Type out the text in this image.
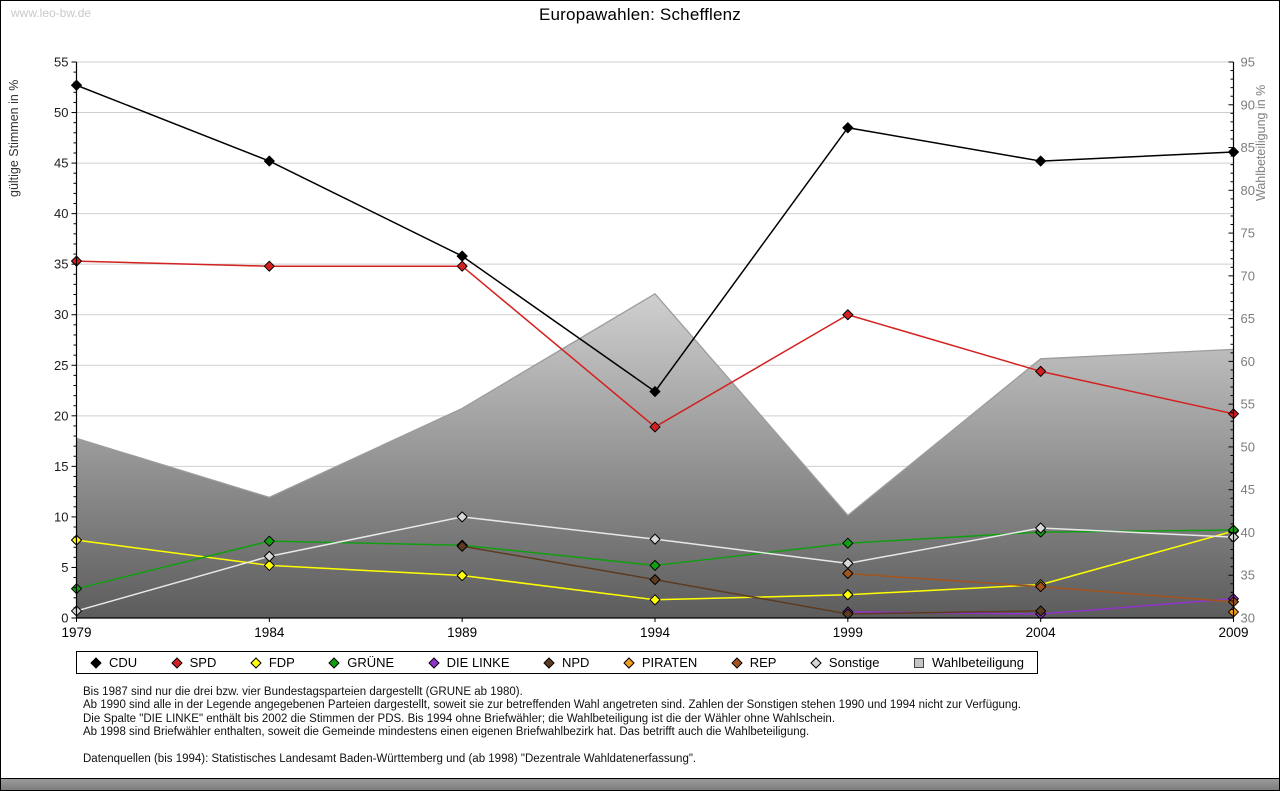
www.leo-bw.de	Europawahlen: Schefflenz
0
5
10
15
20
25
30
35
40
45
50
55
30
35
40
45
50
55
60
65
70
75
80
85
90
95
1979	1984	1989	1994	1999	2004	2009
gültige Stimmen in %	Wahlbeteiligung in %
CDU	SPD	FDP	GRÜNE	DIE LINKE	NPD	PIRATEN	REP	Sonstige	Wahlbeteiligung
Bis 1987 sind nur die drei bzw. vier Bundestagsparteien dargestellt (GRÜNE ab 1980).
Ab 1990 sind alle in der Legende angegebenen Parteien dargestellt, soweit sie zur betreffenden Wahl angetreten sind. Zahlen der Sonstigen stehen 1990 und 1994 nicht zur Verfügung.
Die Spalte "DIE LINKE" enthält bis 2002 die Stimmen der PDS. Bis 1994 ohne Briefwähler; die Wahlbeteiligung ist die der Wähler ohne Wahlschein.
Ab 1998 sind Briefwähler enthalten, soweit die Gemeinde mindestens einen eigenen Briefwahlbezirk hat. Das betrifft auch die Wahlbeteiligung.

Datenquellen (bis 1994): Statistisches Landesamt Baden-Württemberg und (ab 1998) "Dezentrale Wahldatenerfassung".
